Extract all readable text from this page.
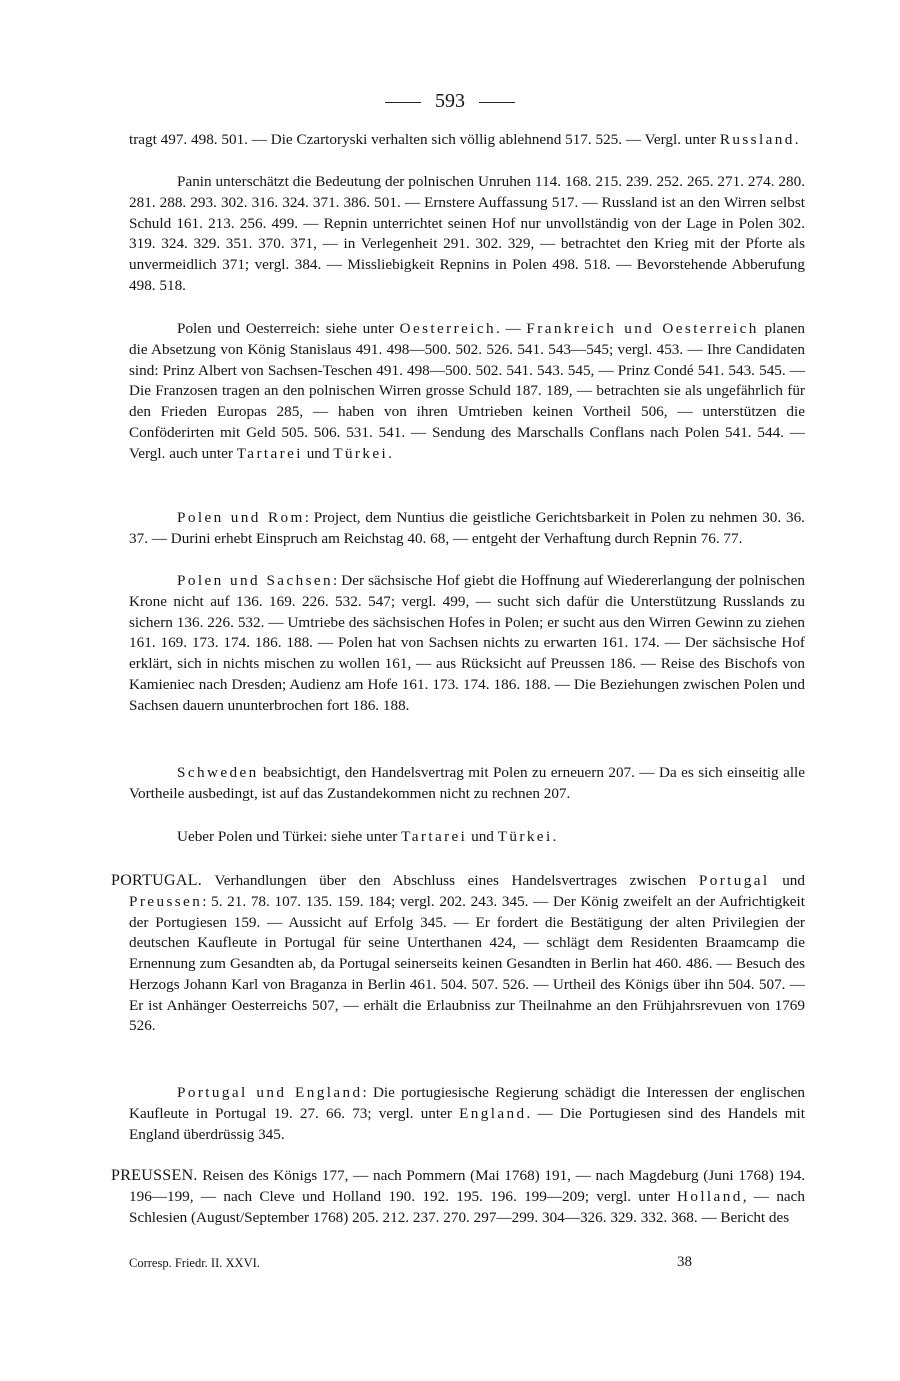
593

tragt 497. 498. 501. — Die Czartoryski verhalten sich völlig ablehnend 517. 525. — Vergl. unter Russland.

Panin unterschätzt die Bedeutung der polnischen Unruhen 114. 168. 215. 239. 252. 265. 271. 274. 280. 281. 288. 293. 302. 316. 324. 371. 386. 501. — Ernstere Auffassung 517. — Russland ist an den Wirren selbst Schuld 161. 213. 256. 499. — Repnin unterrichtet seinen Hof nur unvollständig von der Lage in Polen 302. 319. 324. 329. 351. 370. 371, — in Verlegenheit 291. 302. 329, — betrachtet den Krieg mit der Pforte als unvermeidlich 371; vergl. 384. — Missliebigkeit Repnins in Polen 498. 518. — Bevorstehende Abberufung 498. 518.

Polen und Oesterreich: siehe unter Oesterreich. — Frankreich und Oesterreich planen die Absetzung von König Stanislaus 491. 498—500. 502. 526. 541. 543—545; vergl. 453. — Ihre Candidaten sind: Prinz Albert von Sachsen-Teschen 491. 498—500. 502. 541. 543. 545, — Prinz Condé 541. 543. 545. — Die Franzosen tragen an den polnischen Wirren grosse Schuld 187. 189, — betrachten sie als ungefährlich für den Frieden Europas 285, — haben von ihren Umtrieben keinen Vortheil 506, — unterstützen die Conföderirten mit Geld 505. 506. 531. 541. — Sendung des Marschalls Conflans nach Polen 541. 544. — Vergl. auch unter Tartarei und Türkei.

Polen und Rom: Project, dem Nuntius die geistliche Gerichtsbarkeit in Polen zu nehmen 30. 36. 37. — Durini erhebt Einspruch am Reichstag 40. 68, — entgeht der Verhaftung durch Repnin 76. 77.

Polen und Sachsen: Der sächsische Hof giebt die Hoffnung auf Wiedererlangung der polnischen Krone nicht auf 136. 169. 226. 532. 547; vergl. 499, — sucht sich dafür die Unterstützung Russlands zu sichern 136. 226. 532. — Umtriebe des sächsischen Hofes in Polen; er sucht aus den Wirren Gewinn zu ziehen 161. 169. 173. 174. 186. 188. — Polen hat von Sachsen nichts zu erwarten 161. 174. — Der sächsische Hof erklärt, sich in nichts mischen zu wollen 161, — aus Rücksicht auf Preussen 186. — Reise des Bischofs von Kamieniec nach Dresden; Audienz am Hofe 161. 173. 174. 186. 188. — Die Beziehungen zwischen Polen und Sachsen dauern ununterbrochen fort 186. 188.

Schweden beabsichtigt, den Handelsvertrag mit Polen zu erneuern 207. — Da es sich einseitig alle Vortheile ausbedingt, ist auf das Zustandekommen nicht zu rechnen 207.

Ueber Polen und Türkei: siehe unter Tartarei und Türkei.

PORTUGAL. Verhandlungen über den Abschluss eines Handelsvertrages zwischen Portugal und Preussen: 5. 21. 78. 107. 135. 159. 184; vergl. 202. 243. 345. — Der König zweifelt an der Aufrichtigkeit der Portugiesen 159. — Aussicht auf Erfolg 345. — Er fordert die Bestätigung der alten Privilegien der deutschen Kaufleute in Portugal für seine Unterthanen 424, — schlägt dem Residenten Braamcamp die Ernennung zum Gesandten ab, da Portugal seinerseits keinen Gesandten in Berlin hat 460. 486. — Besuch des Herzogs Johann Karl von Braganza in Berlin 461. 504. 507. 526. — Urtheil des Königs über ihn 504. 507. — Er ist Anhänger Oesterreichs 507, — erhält die Erlaubniss zur Theilnahme an den Frühjahrsrevuen von 1769 526.

Portugal und England: Die portugiesische Regierung schädigt die Interessen der englischen Kaufleute in Portugal 19. 27. 66. 73; vergl. unter England. — Die Portugiesen sind des Handels mit England überdrüssig 345.

PREUSSEN. Reisen des Königs 177, — nach Pommern (Mai 1768) 191, — nach Magdeburg (Juni 1768) 194. 196—199, — nach Cleve und Holland 190. 192. 195. 196. 199—209; vergl. unter Holland, — nach Schlesien (August/September 1768) 205. 212. 237. 270. 297—299. 304—326. 329. 332. 368. — Bericht des

Corresp. Friedr. II. XXVI.	38
